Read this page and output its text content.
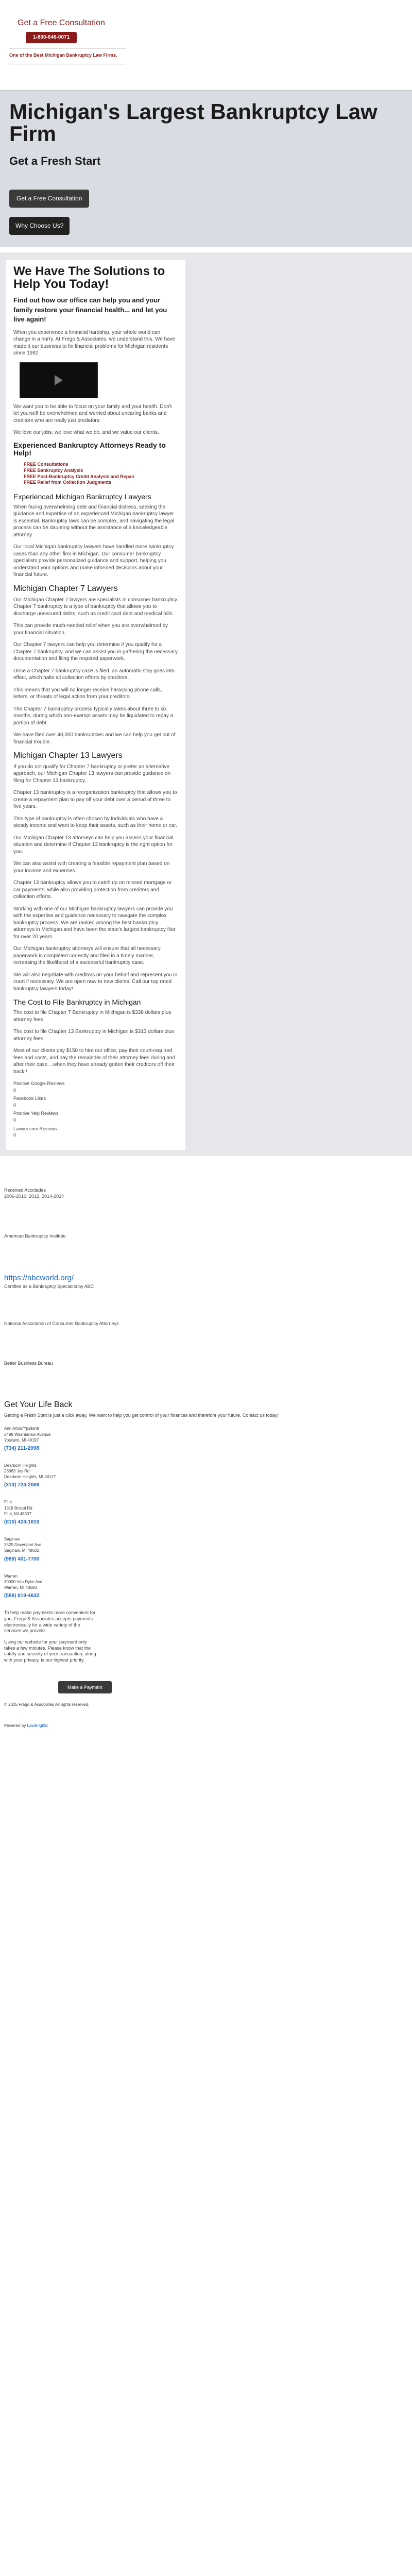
Get a Free Consultation
1-800-646-0071
One of the Best Michigan Bankruptcy Law Firms.
Michigan's Largest Bankruptcy Law Firm
Get a Fresh Start
Get a Free Consultation
Why Choose Us?
We Have The Solutions to Help You Today!
Find out how our office can help you and your family restore your financial health... and let you live again!

When you experience a financial hardship, your whole world can change in a hurry. At Frego & Associates, we understand this. We have made it our business to fix financial problems for Michigan residents since 1992.

We want you to be able to focus on your family and your health. Don't let yourself be overwhelmed and worried about uncaring banks and creditors who are really just predators.

We love our jobs, we love what we do, and we value our clients.

Experienced Bankruptcy Attorneys Ready to Help!
FREE Consultations
FREE Bankruptcy Analysis
FREE Post-Bankruptcy Credit Analysis and Repair
FREE Relief from Collection Judgments
Experienced Michigan Bankruptcy Lawyers

When facing overwhelming debt and financial distress, seeking the guidance and expertise of an experienced Michigan bankruptcy lawyer is essential. Bankruptcy laws can be complex, and navigating the legal process can be daunting without the assistance of a knowledgeable attorney.

Our local Michigan bankruptcy lawyers have handled more bankruptcy cases than any other firm in Michigan. Our consumer bankruptcy specialists provide personalized guidance and support, helping you understand your options and make informed decisions about your financial future.

Michigan Chapter 7 Lawyers

Our Michigan Chapter 7 lawyers are specialists in consumer bankruptcy. Chapter 7 bankruptcy is a type of bankruptcy that allows you to discharge unsecured debts, such as credit card debt and medical bills.

This can provide much-needed relief when you are overwhelmed by your financial situation.

Our Chapter 7 lawyers can help you determine if you qualify for a Chapter 7 bankruptcy, and we can assist you in gathering the necessary documentation and filing the required paperwork.

Once a Chapter 7 bankruptcy case is filed, an automatic stay goes into effect, which halts all collection efforts by creditors.

This means that you will no longer receive harassing phone calls, letters, or threats of legal action from your creditors.

The Chapter 7 bankruptcy process typically takes about three to six months, during which non-exempt assets may be liquidated to repay a portion of debt.

We have filed over 40,000 bankruptcies and we can help you get out of financial trouble.

Michigan Chapter 13 Lawyers

If you do not qualify for Chapter 7 bankruptcy or prefer an alternative approach, our Michigan Chapter 13 lawyers can provide guidance on filing for Chapter 13 bankruptcy.

Chapter 13 bankruptcy is a reorganization bankruptcy that allows you to create a repayment plan to pay off your debt over a period of three to five years.

This type of bankruptcy is often chosen by individuals who have a steady income and want to keep their assets, such as their home or car.

Our Michigan Chapter 13 attorneys can help you assess your financial situation and determine if Chapter 13 bankruptcy is the right option for you.

We can also assist with creating a feasible repayment plan based on your income and expenses.

Chapter 13 bankruptcy allows you to catch up on missed mortgage or car payments, while also providing protection from creditors and collection efforts.

Working with one of our Michigan bankruptcy lawyers can provide you with the expertise and guidance necessary to navigate the complex bankruptcy process. We are ranked among the best bankruptcy attorneys in Michigan and have been the state's largest bankruptcy filer for over 20 years.

Our Michigan bankruptcy attorneys will ensure that all necessary paperwork is completed correctly and filed in a timely manner, increasing the likelihood of a successful bankruptcy case.

We will also negotiate with creditors on your behalf and represent you in court if necessary. We are open now to new clients. Call our top rated bankruptcy lawyers today!

The Cost to File Bankruptcy in Michigan

The cost to file Chapter 7 Bankruptcy in Michigan is $338 dollars plus attorney fees.

The cost to file Chapter 13 Bankruptcy in Michigan is $313 dollars plus attorney fees.

Most of our clients pay $150 to hire our office, pay their court-required fees and costs, and pay the remainder of their attorney fees during and after their case ...when they have already gotten their creditors off their back!!

Positive Google Reviews
0
Facebook Likes
0
Positive Yelp Reviews
0
Lawyer.com Reviews
0
Received Accolades
2006-2010, 2012, 2014-2024
American Bankruptcy Institute
https://abcworld.org/
Certified as a Bankruptcy Specialist by ABC
National Association of Consumer Bankruptcy Attorneys
Better Business Bureau
Get Your Life Back
Getting a Fresh Start is just a click away. We want to help you get control of your finances and therefore your future. Contact us today!
Ann Arbor/Ypsilanti
2498 Washtenaw Avenue
Ypsilanti, MI 48197
(734) 211-2098
Dearborn Heights
23863 Joy Rd
Dearborn Heights, MI 48127
(313) 724-2088
Flint
1318 Bristol Rd
Flint, MI 48507
(810) 424-1810
Saginaw
3525 Davenport Ave.
Saginaw, MI 48602
(989) 401-7700
Warren
30000 Van Dyke Ave.
Warren, MI 48093
(586) 619-4632
To help make payments more convenient for you, Frego & Associates accepts payments electronically for a wide variety of the services we provide.
Using our website for your payment only takes a few minutes. Please know that the safety and security of your transaction, along with your privacy, is our highest priority.
Make a Payment
© 2025 Frego & Associates All rights reserved.
Powered by LawBrightic
